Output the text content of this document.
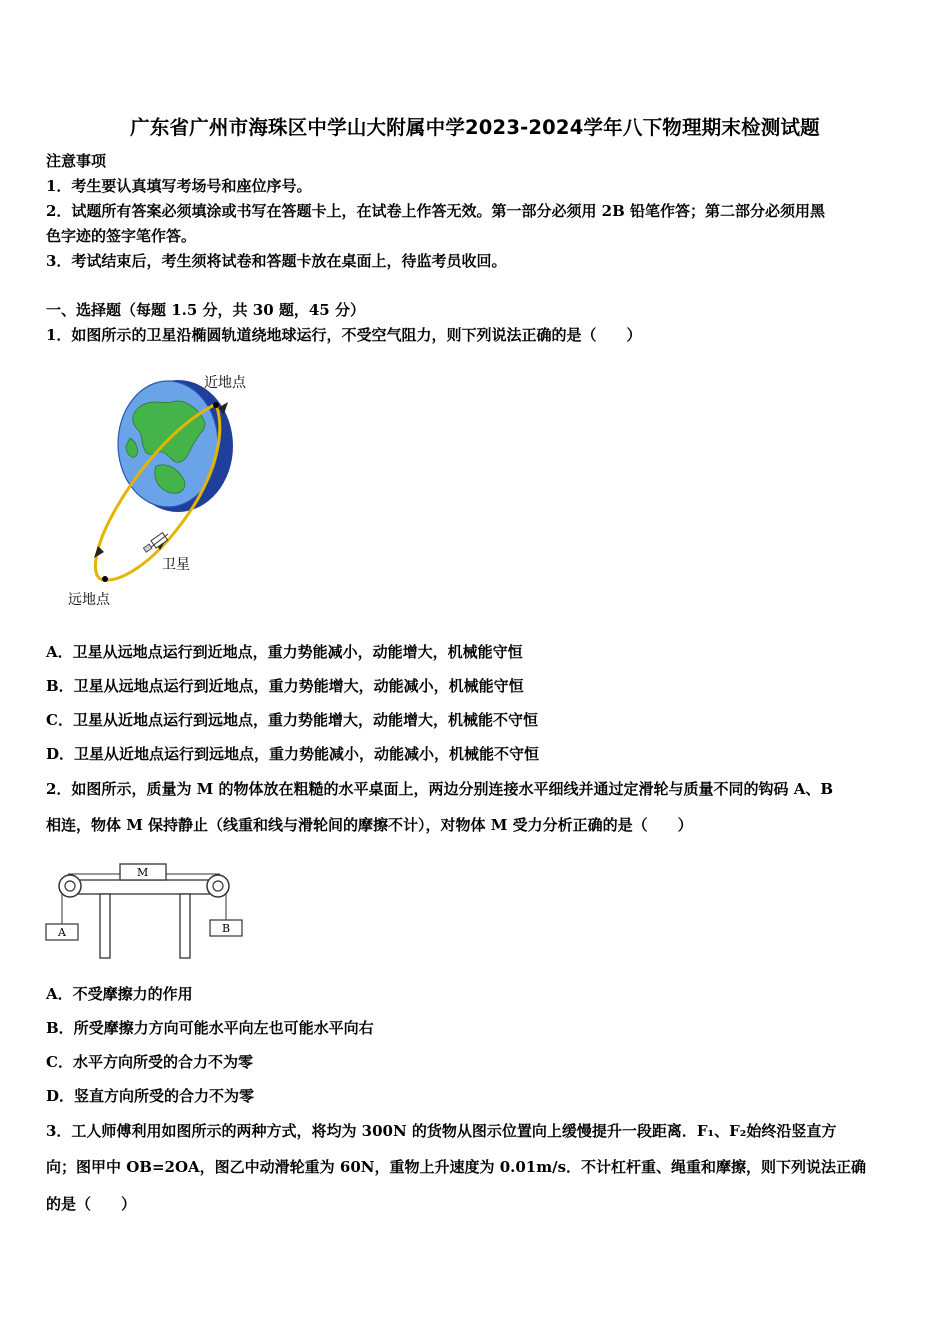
广东省广州市海珠区中学山大附属中学2023-2024学年八下物理期末检测试题
注意事项
1．考生要认真填写考场号和座位序号。
2．试题所有答案必须填涂或书写在答题卡上，在试卷上作答无效。第一部分必须用 2B 铅笔作答；第二部分必须用黑
色字迹的签字笔作答。
3．考试结束后，考生须将试卷和答题卡放在桌面上，待监考员收回。
一、选择题（每题 1.5 分，共 30 题，45 分）
1．如图所示的卫星沿椭圆轨道绕地球运行，不受空气阻力，则下列说法正确的是（　　）
近地点
远地点
卫星
A．卫星从远地点运行到近地点，重力势能减小，动能增大，机械能守恒
B．卫星从远地点运行到近地点，重力势能增大，动能减小，机械能守恒
C．卫星从近地点运行到远地点，重力势能增大，动能增大，机械能不守恒
D．卫星从近地点运行到远地点，重力势能减小，动能减小，机械能不守恒
2．如图所示，质量为 M 的物体放在粗糙的水平桌面上，两边分别连接水平细线并通过定滑轮与质量不同的钩码 A、B
相连，物体 M 保持静止（线重和线与滑轮间的摩擦不计），对物体 M 受力分析正确的是（　　）
M
A	B
A．不受摩擦力的作用
B．所受摩擦力方向可能水平向左也可能水平向右
C．水平方向所受的合力不为零
D．竖直方向所受的合力不为零
3．工人师傅利用如图所示的两种方式，将均为 300N 的货物从图示位置向上缓慢提升一段距离．F₁、F₂始终沿竖直方
向；图甲中 OB=2OA，图乙中动滑轮重为 60N，重物上升速度为 0.01m/s．不计杠杆重、绳重和摩擦，则下列说法正确
的是（　　）
